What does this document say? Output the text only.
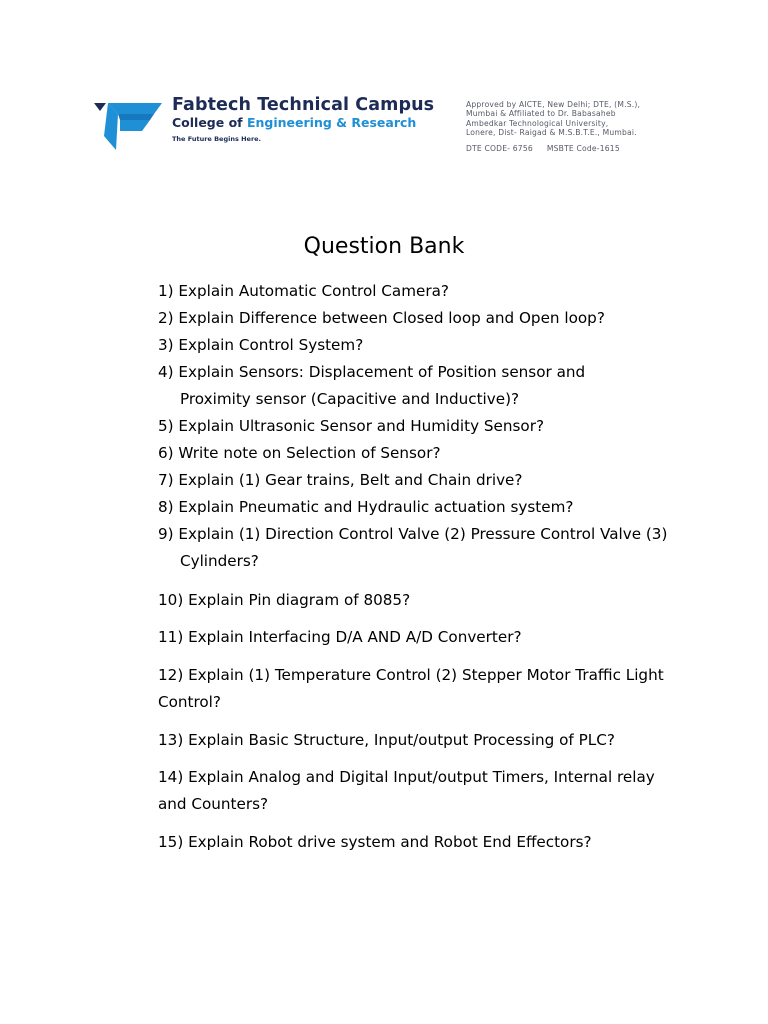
Fabtech Technical Campus
College of Engineering & Research
The Future Begins Here.
Approved by AICTE, New Delhi; DTE, (M.S.),
Mumbai & Affiliated to Dr. Babasaheb
Ambedkar Technological University,
Lonere, Dist- Raigad & M.S.B.T.E., Mumbai.
DTE CODE- 6756 MSBTE Code-1615
Question Bank
1) Explain Automatic Control Camera?
2) Explain Difference between Closed loop and Open loop?
3) Explain Control System?
4) Explain Sensors: Displacement of Position sensor and Proximity sensor (Capacitive and Inductive)?
5) Explain Ultrasonic Sensor and Humidity Sensor?
6) Write note on Selection of Sensor?
7) Explain (1) Gear trains, Belt and Chain drive?
8) Explain Pneumatic and Hydraulic actuation system?
9) Explain (1) Direction Control Valve (2) Pressure Control Valve (3) Cylinders?
10) Explain Pin diagram of 8085?
11) Explain Interfacing D/A AND A/D Converter?
12) Explain (1) Temperature Control (2) Stepper Motor Traffic Light Control?
13) Explain Basic Structure, Input/output Processing of PLC?
14) Explain Analog and Digital Input/output Timers, Internal relay and Counters?
15) Explain Robot drive system and Robot End Effectors?
